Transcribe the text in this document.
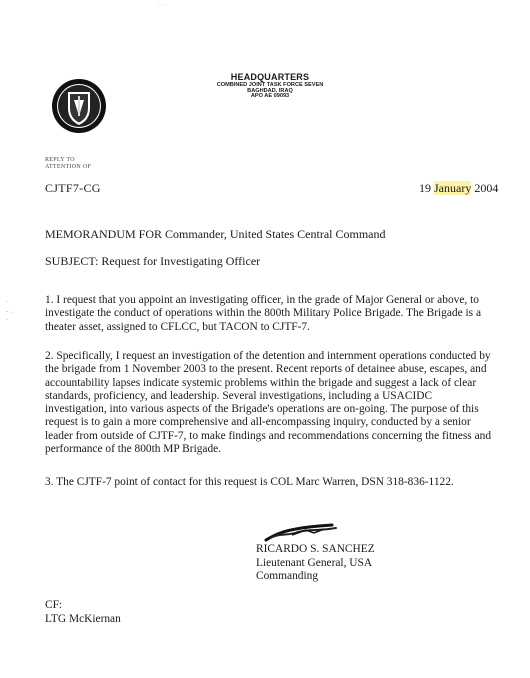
HEADQUARTERS
COMBINED JOINT TASK FORCE SEVEN
BAGHDAD, IRAQ
APO AE 09093
· · ·
·
- .
·
REPLY TO
ATTENTION OF
CJTF7-CG	19 January 2004
MEMORANDUM FOR Commander, United States Central Command
SUBJECT: Request for Investigating Officer
1. I request that you appoint an investigating officer, in the grade of Major General or above, to investigate the conduct of operations within the 800th Military Police Brigade. The Brigade is a theater asset, assigned to CFLCC, but TACON to CJTF-7.
2. Specifically, I request an investigation of the detention and internment operations conducted by the brigade from 1 November 2003 to the present. Recent reports of detainee abuse, escapes, and accountability lapses indicate systemic problems within the brigade and suggest a lack of clear standards, proficiency, and leadership. Several investigations, including a USACIDC investigation, into various aspects of the Brigade's operations are on-going. The purpose of this request is to gain a more comprehensive and all-encompassing inquiry, conducted by a senior leader from outside of CJTF-7, to make findings and recommendations concerning the fitness and performance of the 800th MP Brigade.
3. The CJTF-7 point of contact for this request is COL Marc Warren, DSN 318-836-1122.
RICARDO S. SANCHEZ
Lieutenant General, USA
Commanding
CF:
LTG McKiernan
